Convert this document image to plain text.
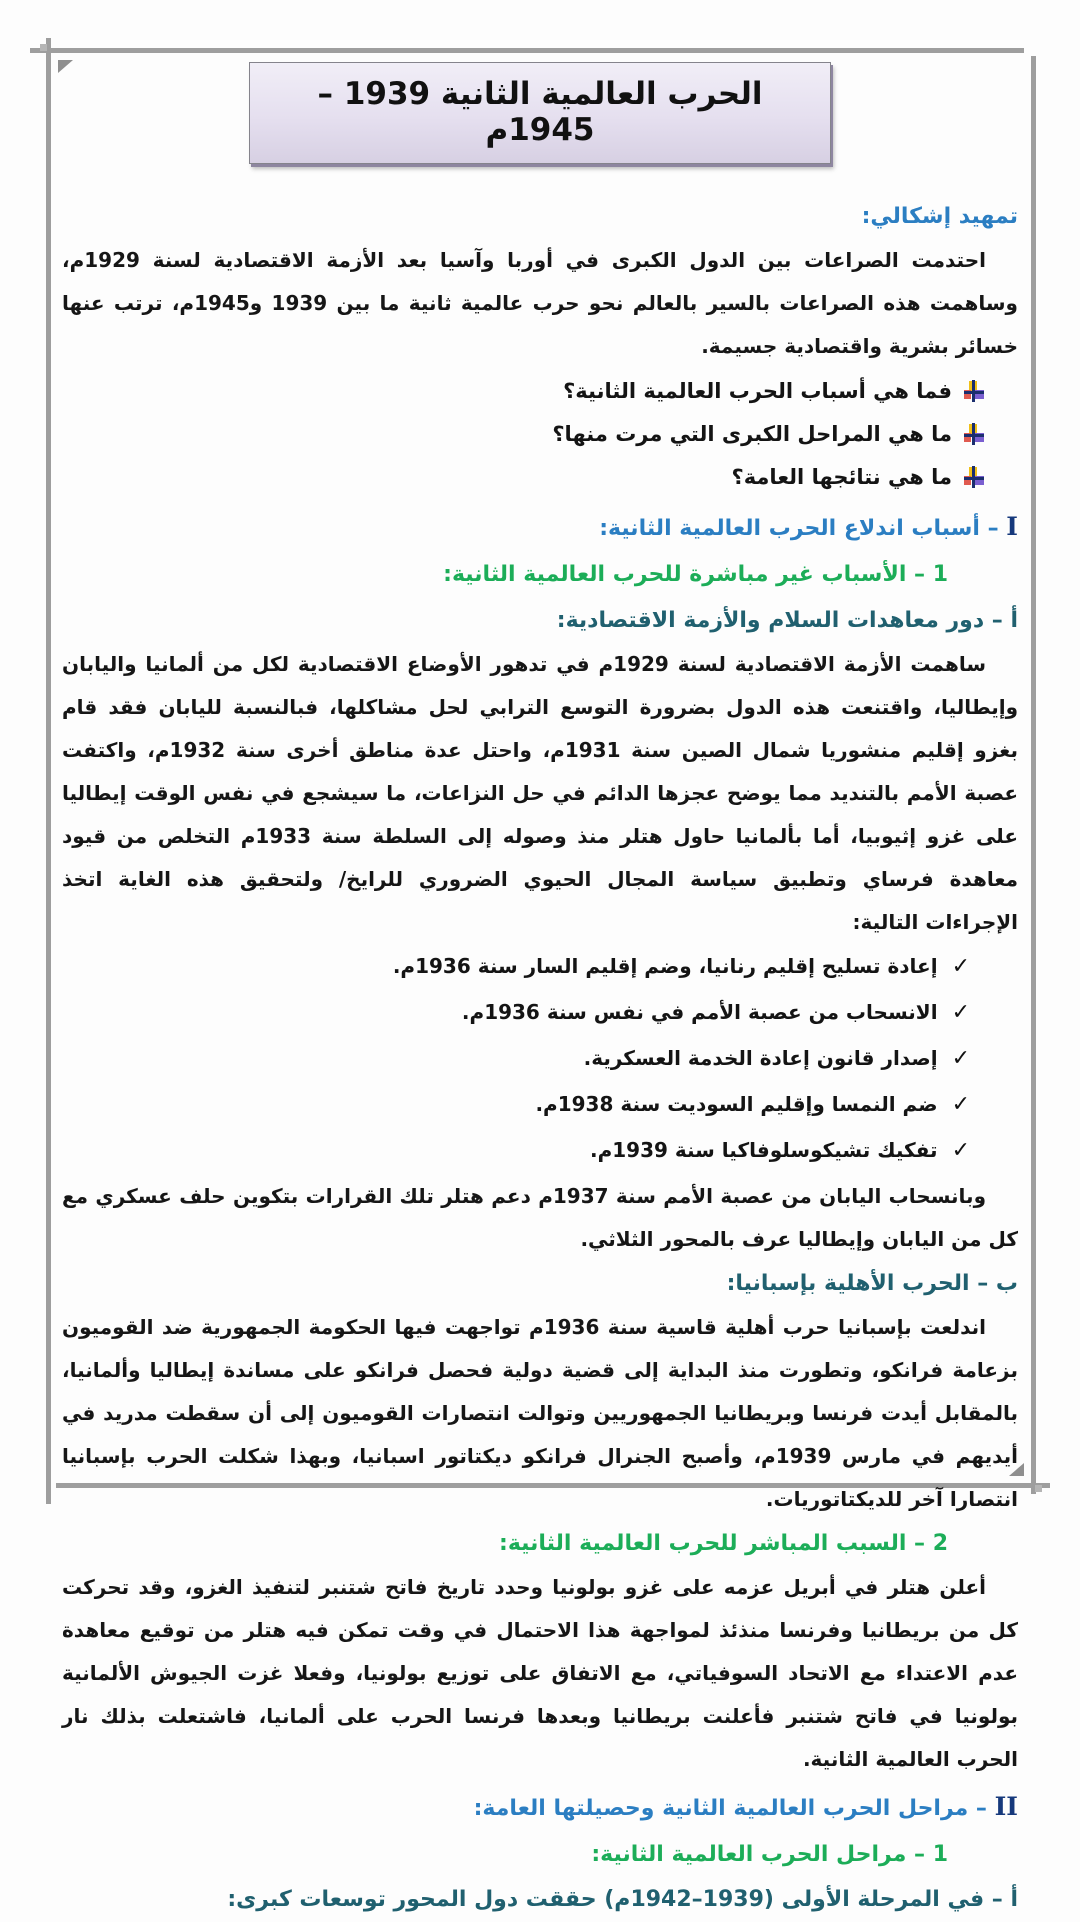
الحرب العالمية الثانية 1939 – 1945م
تمهيد إشكالي:

احتدمت الصراعات بين الدول الكبرى في أوربا وآسيا بعد الأزمة الاقتصادية لسنة 1929م، وساهمت هذه الصراعات بالسير بالعالم نحو حرب عالمية ثانية ما بين 1939 و1945م، ترتب عنها خسائر بشرية واقتصادية جسيمة.

فما هي أسباب الحرب العالمية الثانية؟
ما هي المراحل الكبرى التي مرت منها؟
ما هي نتائجها العامة؟
I – أسباب اندلاع الحرب العالمية الثانية:
1 – الأسباب غير مباشرة للحرب العالمية الثانية:
أ – دور معاهدات السلام والأزمة الاقتصادية:

ساهمت الأزمة الاقتصادية لسنة 1929م في تدهور الأوضاع الاقتصادية لكل من ألمانيا واليابان وإيطاليا، واقتنعت هذه الدول بضرورة التوسع الترابي لحل مشاكلها، فبالنسبة لليابان فقد قام بغزو إقليم منشوريا شمال الصين سنة 1931م، واحتل عدة مناطق أخرى سنة 1932م، واكتفت عصبة الأمم بالتنديد مما يوضح عجزها الدائم في حل النزاعات، ما سيشجع في نفس الوقت إيطاليا على غزو إثيوبيا، أما بألمانيا حاول هتلر منذ وصوله إلى السلطة سنة 1933م التخلص من قيود معاهدة فرساي وتطبيق سياسة المجال الحيوي الضروري للرايخ/ ولتحقيق هذه الغاية اتخذ الإجراءات التالية:

✓
إعادة تسليح إقليم رنانيا، وضم إقليم السار سنة 1936م.
✓
الانسحاب من عصبة الأمم في نفس سنة 1936م.
✓
إصدار قانون إعادة الخدمة العسكرية.
✓
ضم النمسا وإقليم السوديت سنة 1938م.
✓
تفكيك تشيكوسلوفاكيا سنة 1939م.

وبانسحاب اليابان من عصبة الأمم سنة 1937م دعم هتلر تلك القرارات بتكوين حلف عسكري مع كل من اليابان وإيطاليا عرف بالمحور الثلاثي.

ب – الحرب الأهلية بإسبانيا:

اندلعت بإسبانيا حرب أهلية قاسية سنة 1936م تواجهت فيها الحكومة الجمهورية ضد القوميون بزعامة فرانكو، وتطورت منذ البداية إلى قضية دولية فحصل فرانكو على مساندة إيطاليا وألمانيا، بالمقابل أيدت فرنسا وبريطانيا الجمهوريين وتوالت انتصارات القوميون إلى أن سقطت مدريد في أيديهم في مارس 1939م، وأصبح الجنرال فرانكو ديكتاتور اسبانيا، وبهذا شكلت الحرب بإسبانيا انتصارا آخر للديكتاتوريات.

2 – السبب المباشر للحرب العالمية الثانية:

أعلن هتلر في أبريل عزمه على غزو بولونيا وحدد تاريخ فاتح شتنبر لتنفيذ الغزو، وقد تحركت كل من بريطانيا وفرنسا منذئذ لمواجهة هذا الاحتمال في وقت تمكن فيه هتلر من توقيع معاهدة عدم الاعتداء مع الاتحاد السوفياتي، مع الاتفاق على توزيع بولونيا، وفعلا غزت الجيوش الألمانية بولونيا في فاتح شتنبر فأعلنت بريطانيا وبعدها فرنسا الحرب على ألمانيا، فاشتعلت بذلك نار الحرب العالمية الثانية.

II – مراحل الحرب العالمية الثانية وحصيلتها العامة:
1 – مراحل الحرب العالمية الثانية:
أ – في المرحلة الأولى (1939–1942م) حققت دول المحور توسعات كبرى:
